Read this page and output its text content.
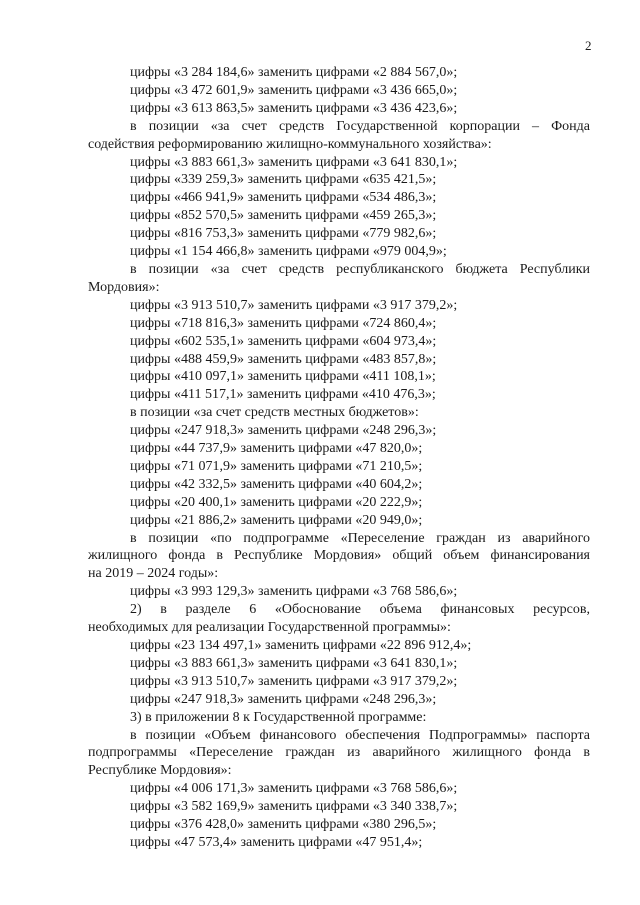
2
цифры «3 284 184,6» заменить цифрами «2 884 567,0»;
цифры «3 472 601,9» заменить цифрами «3 436 665,0»;
цифры «3 613 863,5» заменить цифрами «3 436 423,6»;
в позиции «за счет средств Государственной корпорации – Фонда
содействия реформированию жилищно-коммунального хозяйства»:
цифры «3 883 661,3» заменить цифрами «3 641 830,1»;
цифры «339 259,3» заменить цифрами «635 421,5»;
цифры «466 941,9» заменить цифрами «534 486,3»;
цифры «852 570,5» заменить цифрами «459 265,3»;
цифры «816 753,3» заменить цифрами «779 982,6»;
цифры «1 154 466,8» заменить цифрами «979 004,9»;
в позиции «за счет средств республиканского бюджета Республики
Мордовия»:
цифры «3 913 510,7» заменить цифрами «3 917 379,2»;
цифры «718 816,3» заменить цифрами «724 860,4»;
цифры «602 535,1» заменить цифрами «604 973,4»;
цифры «488 459,9» заменить цифрами «483 857,8»;
цифры «410 097,1» заменить цифрами «411 108,1»;
цифры «411 517,1» заменить цифрами «410 476,3»;
в позиции «за счет средств местных бюджетов»:
цифры «247 918,3» заменить цифрами «248 296,3»;
цифры «44 737,9» заменить цифрами «47 820,0»;
цифры «71 071,9» заменить цифрами «71 210,5»;
цифры «42 332,5» заменить цифрами «40 604,2»;
цифры «20 400,1» заменить цифрами «20 222,9»;
цифры «21 886,2» заменить цифрами «20 949,0»;
в позиции «по подпрограмме «Переселение граждан из аварийного
жилищного фонда в Республике Мордовия» общий объем финансирования
на 2019 – 2024 годы»:
цифры «3 993 129,3» заменить цифрами «3 768 586,6»;
2) в разделе 6 «Обоснование объема финансовых ресурсов,
необходимых для реализации Государственной программы»:
цифры «23 134 497,1» заменить цифрами «22 896 912,4»;
цифры «3 883 661,3» заменить цифрами «3 641 830,1»;
цифры «3 913 510,7» заменить цифрами «3 917 379,2»;
цифры «247 918,3» заменить цифрами «248 296,3»;
3) в приложении 8 к Государственной программе:
в позиции «Объем финансового обеспечения Подпрограммы» паспорта
подпрограммы «Переселение граждан из аварийного жилищного фонда в
Республике Мордовия»:
цифры «4 006 171,3» заменить цифрами «3 768 586,6»;
цифры «3 582 169,9» заменить цифрами «3 340 338,7»;
цифры «376 428,0» заменить цифрами «380 296,5»;
цифры «47 573,4» заменить цифрами «47 951,4»;
